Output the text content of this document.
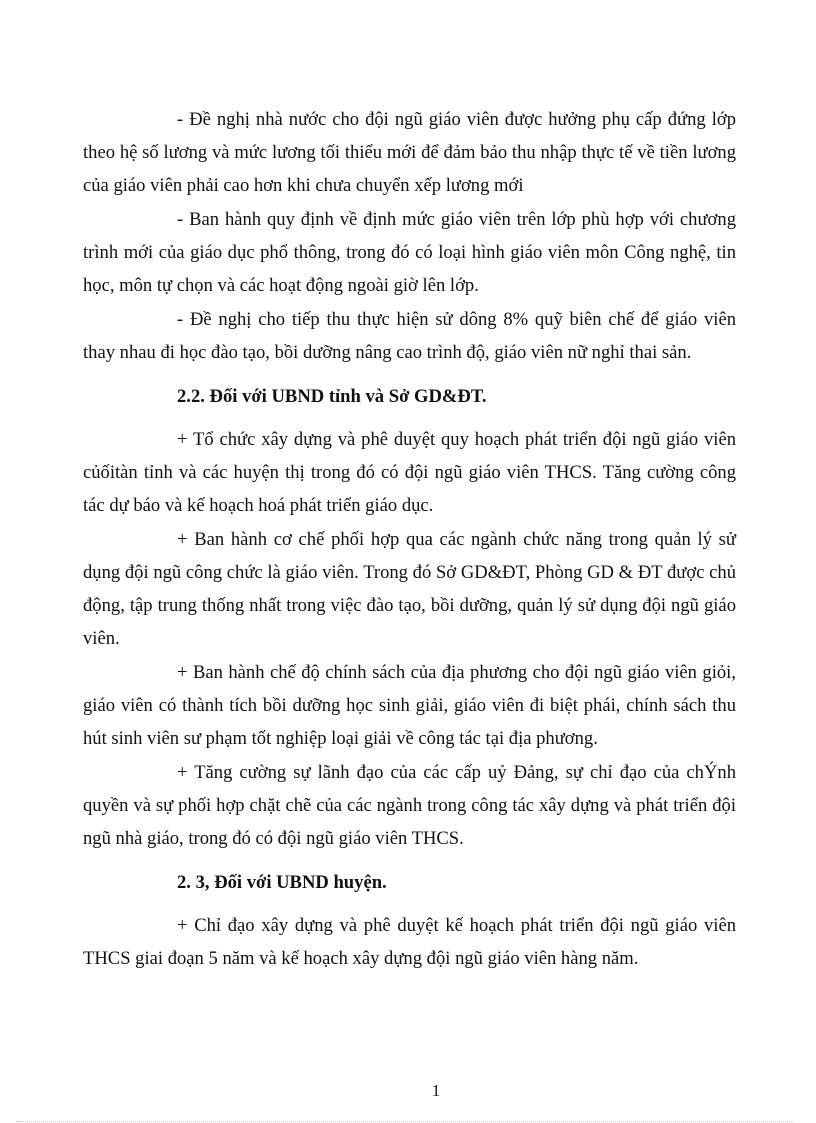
- Đề nghị nhà nước cho đội ngũ giáo viên được hưởng phụ cấp đứng lớp theo hệ số lương và mức lương tối thiểu mới để đảm bảo thu nhập thực tế về tiền lương của giáo viên phải cao hơn khi chưa chuyển xếp lương mới

- Ban hành quy định về định mức giáo viên trên lớp phù hợp với chương trình mới của giáo dục phổ thông, trong đó có loại hình giáo viên môn Công nghệ, tin học, môn tự chọn và các hoạt động ngoài giờ lên lớp.

- Đề nghị cho tiếp thu thực hiện sử dông 8% quỹ biên chế để giáo viên thay nhau đi học đào tạo, bồi dưỡng nâng cao trình độ, giáo viên nữ nghỉ thai sản.

2.2. Đối với UBND tỉnh và Sở GD&ĐT.

+ Tổ chức xây dựng và phê duyệt quy hoạch phát triển đội ngũ giáo viên củốitàn tỉnh và các huyện thị trong đó có đội ngũ giáo viên THCS. Tăng cường công tác dự báo và kế hoạch hoá phát triển giáo dục.

+ Ban hành cơ chế phối hợp qua các ngành chức năng trong quản lý sử dụng đội ngũ công chức là giáo viên. Trong đó Sở GD&ĐT, Phòng GD & ĐT được chủ động, tập trung thống nhất trong việc đào tạo, bồi dưỡng, quản lý sử dụng đội ngũ giáo viên.

+ Ban hành chế độ chính sách của địa phương cho đội ngũ giáo viên giỏi, giáo viên có thành tích bồi dưỡng học sinh giải, giáo viên đi biệt phái, chính sách thu hút sinh viên sư phạm tốt nghiệp loại giải về công tác tại địa phương.

+ Tăng cường sự lãnh đạo của các cấp uỷ Đảng, sự chỉ đạo của chÝnh quyền và sự phối hợp chặt chẽ của các ngành trong công tác xây dựng và phát triển đội ngũ nhà giáo, trong đó có đội ngũ giáo viên THCS.

2. 3, Đối với UBND huyện.

+ Chỉ đạo xây dựng và phê duyệt kế hoạch phát triển đội ngũ giáo viên THCS giai đoạn 5 năm và kế hoạch xây dựng đội ngũ giáo viên hàng năm.

1
